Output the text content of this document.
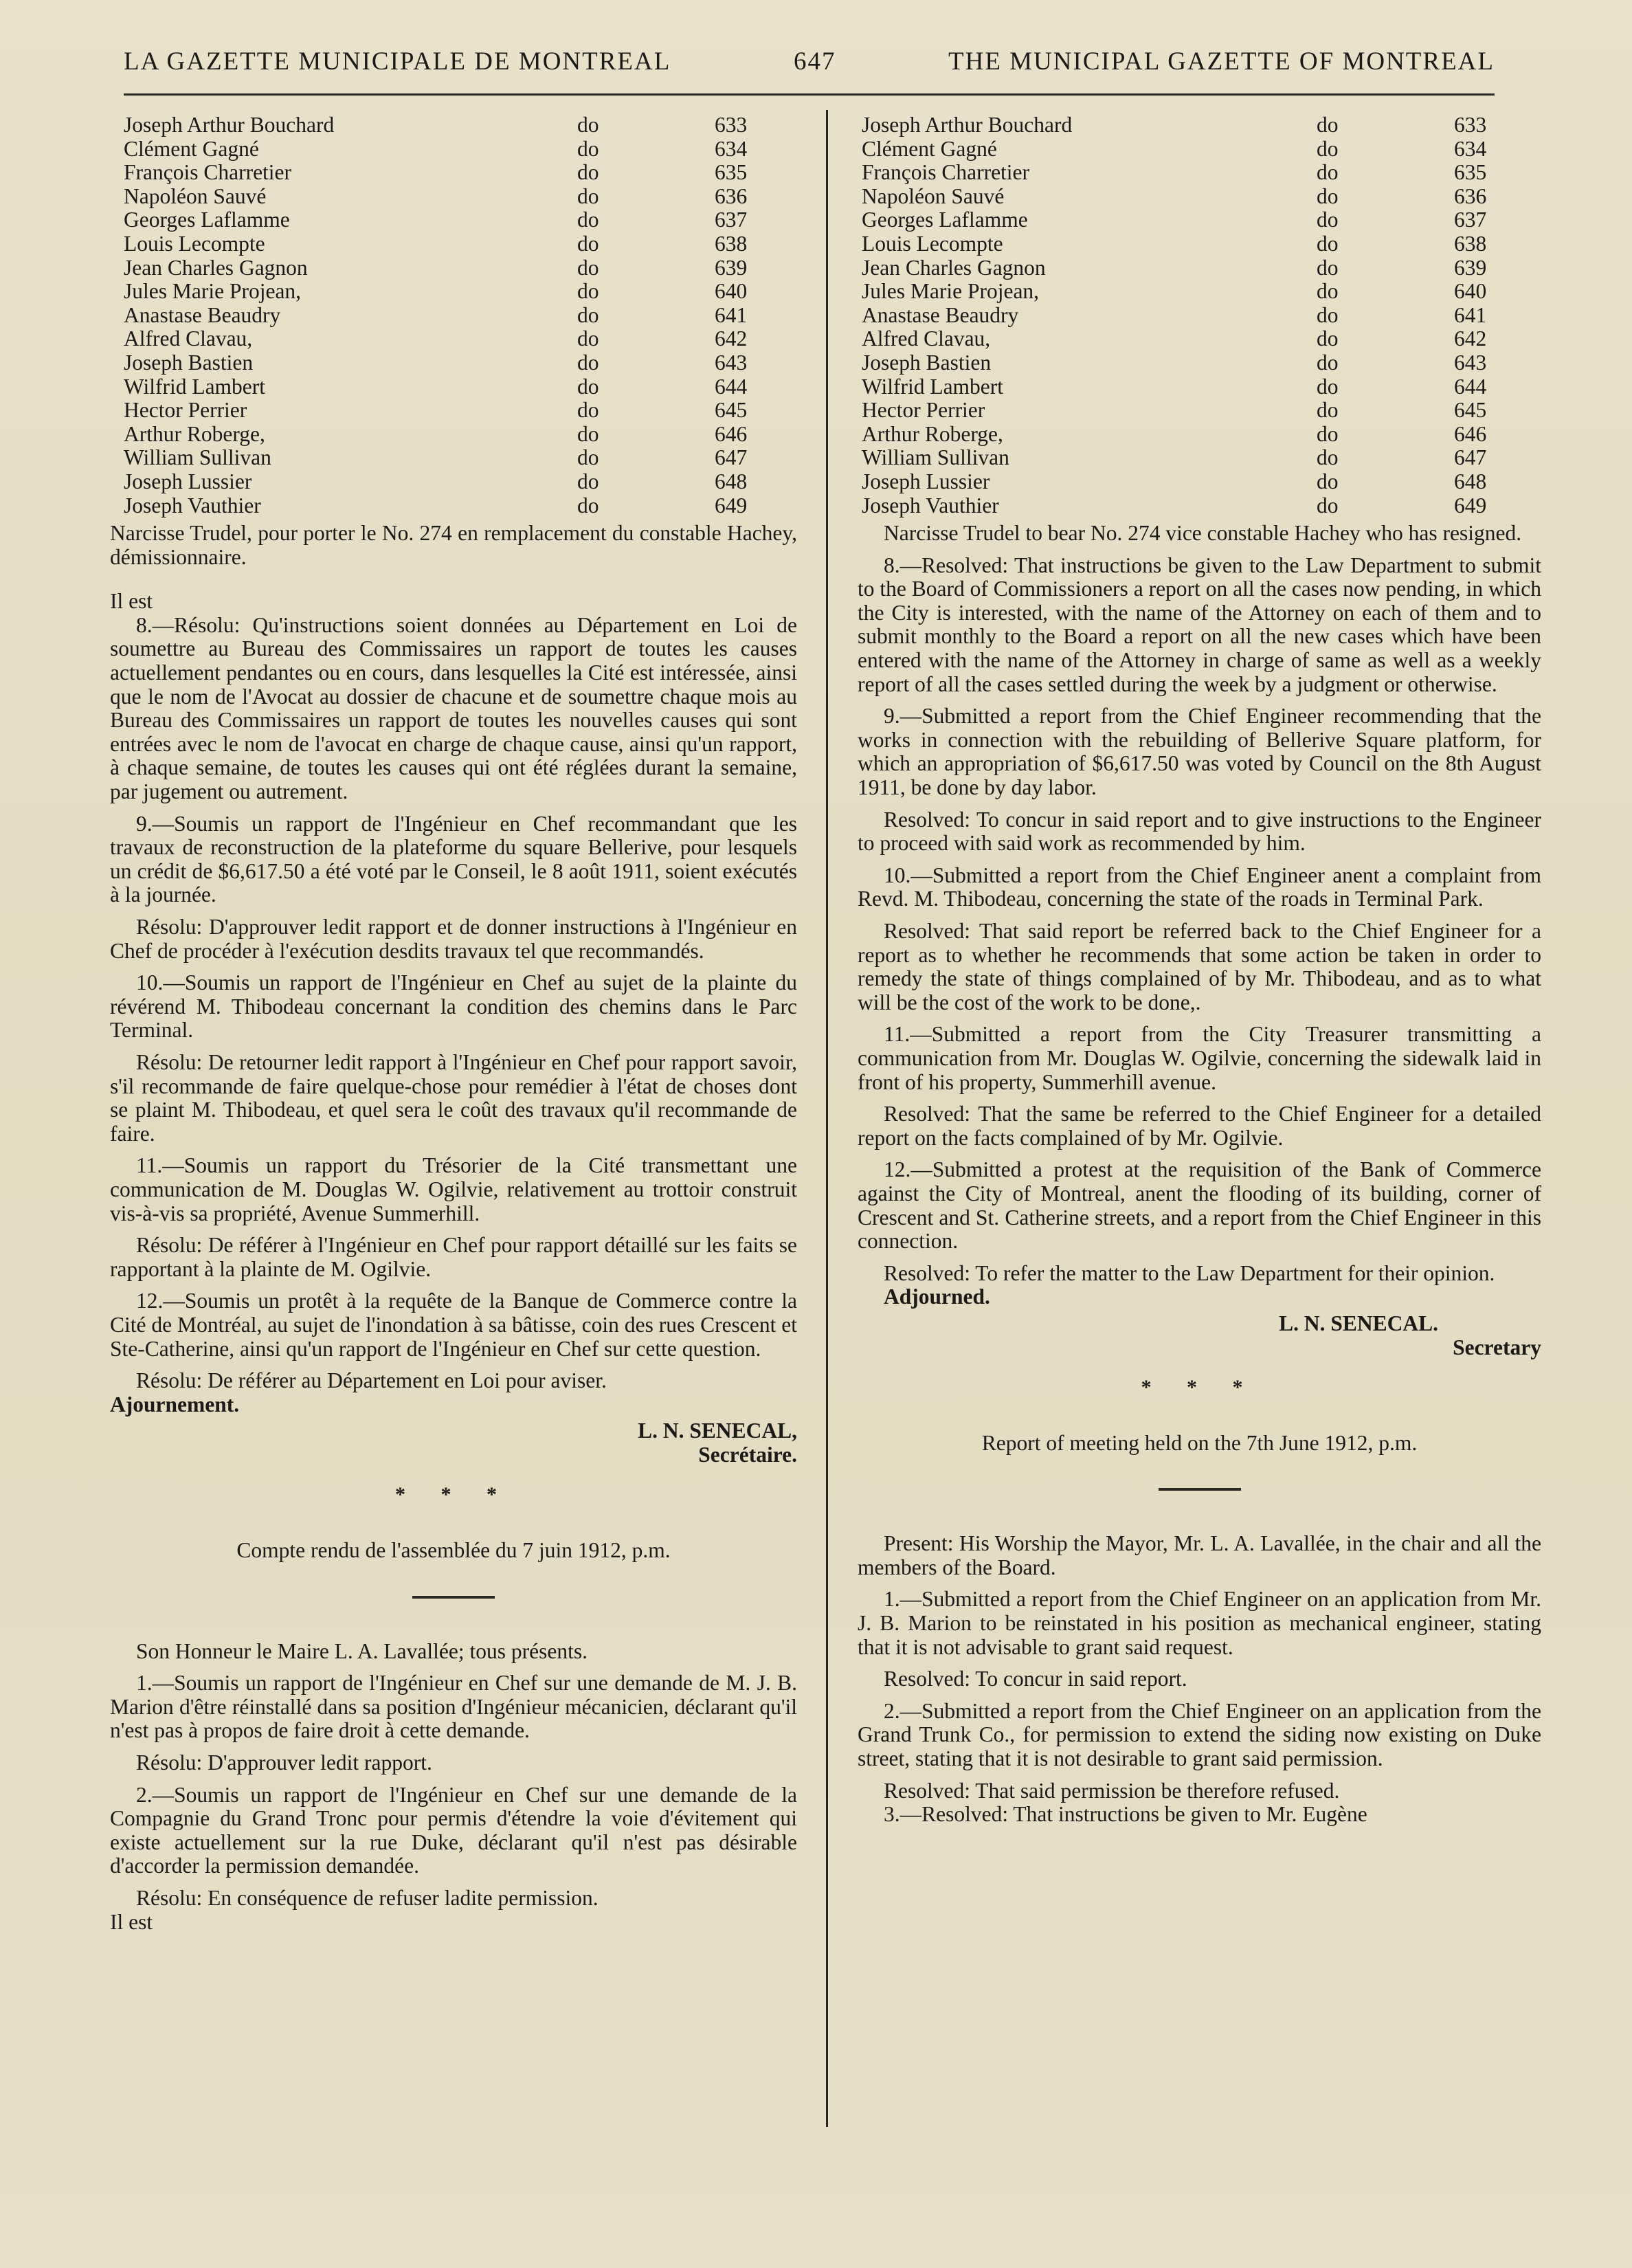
LA GAZETTE MUNICIPALE DE MONTREAL	647	THE MUNICIPAL GAZETTE OF MONTREAL
Joseph Arthur Bouchard	do	633
Clément Gagné	do	634
François Charretier	do	635
Napoléon Sauvé	do	636
Georges Laflamme	do	637
Louis Lecompte	do	638
Jean Charles Gagnon	do	639
Jules Marie Projean,	do	640
Anastase Beaudry	do	641
Alfred Clavau,	do	642
Joseph Bastien	do	643
Wilfrid Lambert	do	644
Hector Perrier	do	645
Arthur Roberge,	do	646
William Sullivan	do	647
Joseph Lussier	do	648
Joseph Vauthier	do	649

Narcisse Trudel, pour porter le No. 274 en remplacement du constable Hachey, démissionnaire.

Il est

8.—Résolu: Qu'instructions soient données au Département en Loi de soumettre au Bureau des Commissaires un rapport de toutes les causes actuellement pendantes ou en cours, dans lesquelles la Cité est intéressée, ainsi que le nom de l'Avocat au dossier de chacune et de soumettre chaque mois au Bureau des Commissaires un rapport de toutes les nouvelles causes qui sont entrées avec le nom de l'avocat en charge de chaque cause, ainsi qu'un rapport, à chaque semaine, de toutes les causes qui ont été réglées durant la semaine, par jugement ou autrement.

9.—Soumis un rapport de l'Ingénieur en Chef recommandant que les travaux de reconstruction de la plateforme du square Bellerive, pour lesquels un crédit de $6,617.50 a été voté par le Conseil, le 8 août 1911, soient exécutés à la journée.

Résolu: D'approuver ledit rapport et de donner instructions à l'Ingénieur en Chef de procéder à l'exécution desdits travaux tel que recommandés.

10.—Soumis un rapport de l'Ingénieur en Chef au sujet de la plainte du révérend M. Thibodeau concernant la condition des chemins dans le Parc Terminal.

Résolu: De retourner ledit rapport à l'Ingénieur en Chef pour rapport savoir, s'il recommande de faire quelque-chose pour remédier à l'état de choses dont se plaint M. Thibodeau, et quel sera le coût des travaux qu'il recommande de faire.

11.—Soumis un rapport du Trésorier de la Cité transmettant une communication de M. Douglas W. Ogilvie, relativement au trottoir construit vis-à-vis sa propriété, Avenue Summerhill.

Résolu: De référer à l'Ingénieur en Chef pour rapport détaillé sur les faits se rapportant à la plainte de M. Ogilvie.

12.—Soumis un protêt à la requête de la Banque de Commerce contre la Cité de Montréal, au sujet de l'inondation à sa bâtisse, coin des rues Crescent et Ste-Catherine, ainsi qu'un rapport de l'Ingénieur en Chef sur cette question.

Résolu: De référer au Département en Loi pour aviser.

Ajournement.

L. N. SENECAL,

Secrétaire.

* * *

Compte rendu de l'assemblée du 7 juin 1912, p.m.

Son Honneur le Maire L. A. Lavallée; tous présents.

1.—Soumis un rapport de l'Ingénieur en Chef sur une demande de M. J. B. Marion d'être réinstallé dans sa position d'Ingénieur mécanicien, déclarant qu'il n'est pas à propos de faire droit à cette demande.

Résolu: D'approuver ledit rapport.

2.—Soumis un rapport de l'Ingénieur en Chef sur une demande de la Compagnie du Grand Tronc pour permis d'étendre la voie d'évitement qui existe actuellement sur la rue Duke, déclarant qu'il n'est pas désirable d'accorder la permission demandée.

Résolu: En conséquence de refuser ladite permission.

Il est

Joseph Arthur Bouchard	do	633
Clément Gagné	do	634
François Charretier	do	635
Napoléon Sauvé	do	636
Georges Laflamme	do	637
Louis Lecompte	do	638
Jean Charles Gagnon	do	639
Jules Marie Projean,	do	640
Anastase Beaudry	do	641
Alfred Clavau,	do	642
Joseph Bastien	do	643
Wilfrid Lambert	do	644
Hector Perrier	do	645
Arthur Roberge,	do	646
William Sullivan	do	647
Joseph Lussier	do	648
Joseph Vauthier	do	649

Narcisse Trudel to bear No. 274 vice constable Hachey who has resigned.

8.—Resolved: That instructions be given to the Law Department to submit to the Board of Commissioners a report on all the cases now pending, in which the City is interested, with the name of the Attorney on each of them and to submit monthly to the Board a report on all the new cases which have been entered with the name of the Attorney in charge of same as well as a weekly report of all the cases settled during the week by a judgment or otherwise.

9.—Submitted a report from the Chief Engineer recommending that the works in connection with the rebuilding of Bellerive Square platform, for which an appropriation of $6,617.50 was voted by Council on the 8th August 1911, be done by day labor.

Resolved: To concur in said report and to give instructions to the Engineer to proceed with said work as recommended by him.

10.—Submitted a report from the Chief Engineer anent a complaint from Revd. M. Thibodeau, concerning the state of the roads in Terminal Park.

Resolved: That said report be referred back to the Chief Engineer for a report as to whether he recommends that some action be taken in order to remedy the state of things complained of by Mr. Thibodeau, and as to what will be the cost of the work to be done,.

11.—Submitted a report from the City Treasurer transmitting a communication from Mr. Douglas W. Ogilvie, concerning the sidewalk laid in front of his property, Summerhill avenue.

Resolved: That the same be referred to the Chief Engineer for a detailed report on the facts complained of by Mr. Ogilvie.

12.—Submitted a protest at the requisition of the Bank of Commerce against the City of Montreal, anent the flooding of its building, corner of Crescent and St. Catherine streets, and a report from the Chief Engineer in this connection.

Resolved: To refer the matter to the Law Department for their opinion.

Adjourned.

L. N. SENECAL.

Secretary

* * *

Report of meeting held on the 7th June 1912, p.m.

Present: His Worship the Mayor, Mr. L. A. Lavallée, in the chair and all the members of the Board.

1.—Submitted a report from the Chief Engineer on an application from Mr. J. B. Marion to be reinstated in his position as mechanical engineer, stating that it is not advisable to grant said request.

Resolved: To concur in said report.

2.—Submitted a report from the Chief Engineer on an application from the Grand Trunk Co., for permission to extend the siding now existing on Duke street, stating that it is not desirable to grant said permission.

Resolved: That said permission be therefore refused.

3.—Resolved: That instructions be given to Mr. Eugène
